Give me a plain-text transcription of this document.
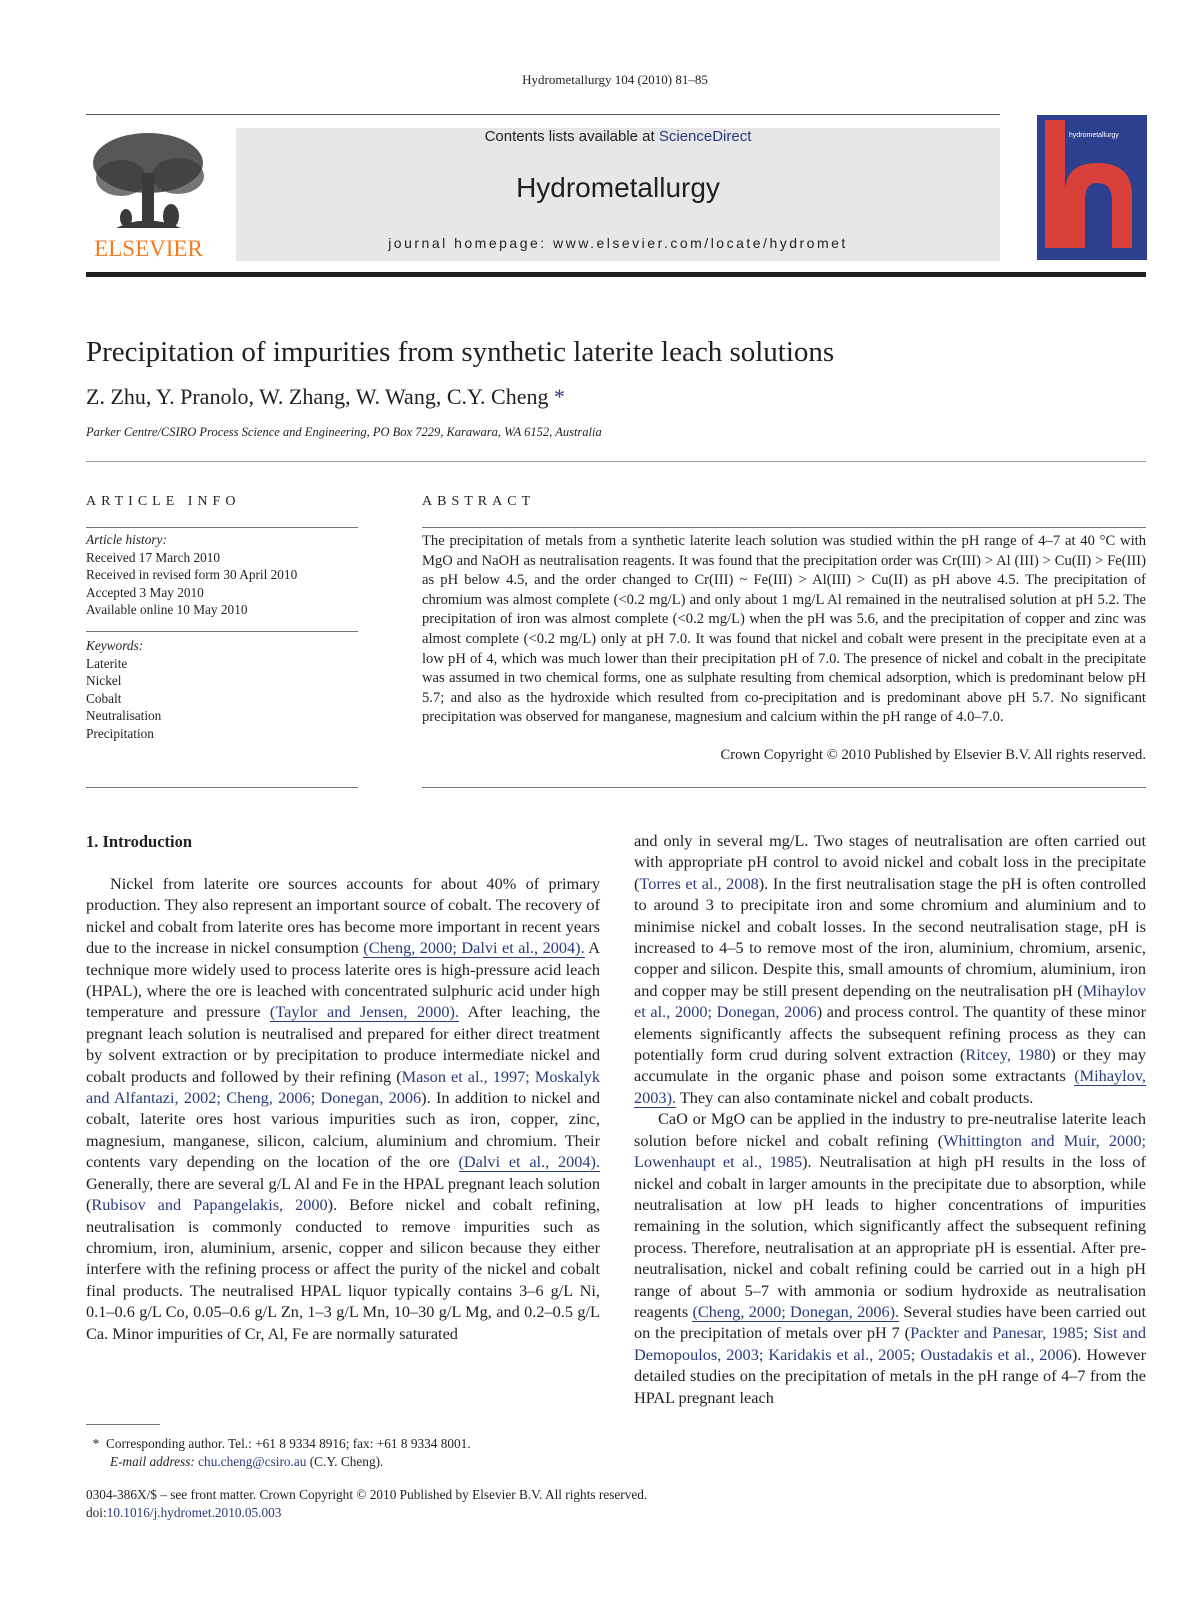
Hydrometallurgy 104 (2010) 81–85
ELSEVIER
Contents lists available at ScienceDirect
Hydrometallurgy
journal homepage: www.elsevier.com/locate/hydromet
hydrometallurgy
Precipitation of impurities from synthetic laterite leach solutions
Z. Zhu, Y. Pranolo, W. Zhang, W. Wang, C.Y. Cheng *
Parker Centre/CSIRO Process Science and Engineering, PO Box 7229, Karawara, WA 6152, Australia
ARTICLE INFO	ABSTRACT
Article history:
Received 17 March 2010
Received in revised form 30 April 2010
Accepted 3 May 2010
Available online 10 May 2010
Keywords:
Laterite
Nickel
Cobalt
Neutralisation
Precipitation
The precipitation of metals from a synthetic laterite leach solution was studied within the pH range of 4–7 at 40 °C with MgO and NaOH as neutralisation reagents. It was found that the precipitation order was Cr(III) > Al (III) > Cu(II) > Fe(III) as pH below 4.5, and the order changed to Cr(III) ~ Fe(III) > Al(III) > Cu(II) as pH above 4.5. The precipitation of chromium was almost complete (<0.2 mg/L) and only about 1 mg/L Al remained in the neutralised solution at pH 5.2. The precipitation of iron was almost complete (<0.2 mg/L) when the pH was 5.6, and the precipitation of copper and zinc was almost complete (<0.2 mg/L) only at pH 7.0. It was found that nickel and cobalt were present in the precipitate even at a low pH of 4, which was much lower than their precipitation pH of 7.0. The presence of nickel and cobalt in the precipitate was assumed in two chemical forms, one as sulphate resulting from chemical adsorption, which is predominant below pH 5.7; and also as the hydroxide which resulted from co-precipitation and is predominant above pH 5.7. No significant precipitation was observed for manganese, magnesium and calcium within the pH range of 4.0–7.0.
Crown Copyright © 2010 Published by Elsevier B.V. All rights reserved.
1. Introduction

Nickel from laterite ore sources accounts for about 40% of primary production. They also represent an important source of cobalt. The recovery of nickel and cobalt from laterite ores has become more important in recent years due to the increase in nickel consumption (Cheng, 2000; Dalvi et al., 2004). A technique more widely used to process laterite ores is high-pressure acid leach (HPAL), where the ore is leached with concentrated sulphuric acid under high temperature and pressure (Taylor and Jensen, 2000). After leaching, the pregnant leach solution is neutralised and prepared for either direct treatment by solvent extraction or by precipitation to produce intermediate nickel and cobalt products and followed by their refining (Mason et al., 1997; Moskalyk and Alfantazi, 2002; Cheng, 2006; Donegan, 2006). In addition to nickel and cobalt, laterite ores host various impurities such as iron, copper, zinc, magnesium, manganese, silicon, calcium, aluminium and chromium. Their contents vary depending on the location of the ore (Dalvi et al., 2004). Generally, there are several g/L Al and Fe in the HPAL pregnant leach solution (Rubisov and Papangelakis, 2000). Before nickel and cobalt refining, neutralisation is commonly conducted to remove impurities such as chromium, iron, aluminium, arsenic, copper and silicon because they either interfere with the refining process or affect the purity of the nickel and cobalt final products. The neutralised HPAL liquor typically contains 3–6 g/L Ni, 0.1–0.6 g/L Co, 0.05–0.6 g/L Zn, 1–3 g/L Mn, 10–30 g/L Mg, and 0.2–0.5 g/L Ca. Minor impurities of Cr, Al, Fe are normally saturated

and only in several mg/L. Two stages of neutralisation are often carried out with appropriate pH control to avoid nickel and cobalt loss in the precipitate (Torres et al., 2008). In the first neutralisation stage the pH is often controlled to around 3 to precipitate iron and some chromium and aluminium and to minimise nickel and cobalt losses. In the second neutralisation stage, pH is increased to 4–5 to remove most of the iron, aluminium, chromium, arsenic, copper and silicon. Despite this, small amounts of chromium, aluminium, iron and copper may be still present depending on the neutralisation pH (Mihaylov et al., 2000; Donegan, 2006) and process control. The quantity of these minor elements significantly affects the subsequent refining process as they can potentially form crud during solvent extraction (Ritcey, 1980) or they may accumulate in the organic phase and poison some extractants (Mihaylov, 2003). They can also contaminate nickel and cobalt products.

CaO or MgO can be applied in the industry to pre-neutralise laterite leach solution before nickel and cobalt refining (Whittington and Muir, 2000; Lowenhaupt et al., 1985). Neutralisation at high pH results in the loss of nickel and cobalt in larger amounts in the precipitate due to absorption, while neutralisation at low pH leads to higher concentrations of impurities remaining in the solution, which significantly affect the subsequent refining process. Therefore, neutralisation at an appropriate pH is essential. After pre-neutralisation, nickel and cobalt refining could be carried out in a high pH range of about 5–7 with ammonia or sodium hydroxide as neutralisation reagents (Cheng, 2000; Donegan, 2006). Several studies have been carried out on the precipitation of metals over pH 7 (Packter and Panesar, 1985; Sist and Demopoulos, 2003; Karidakis et al., 2005; Oustadakis et al., 2006). However detailed studies on the precipitation of metals in the pH range of 4–7 from the HPAL pregnant leach

* Corresponding author. Tel.: +61 8 9334 8916; fax: +61 8 9334 8001.
E-mail address: chu.cheng@csiro.au (C.Y. Cheng).
0304-386X/$ – see front matter. Crown Copyright © 2010 Published by Elsevier B.V. All rights reserved.
doi:10.1016/j.hydromet.2010.05.003
